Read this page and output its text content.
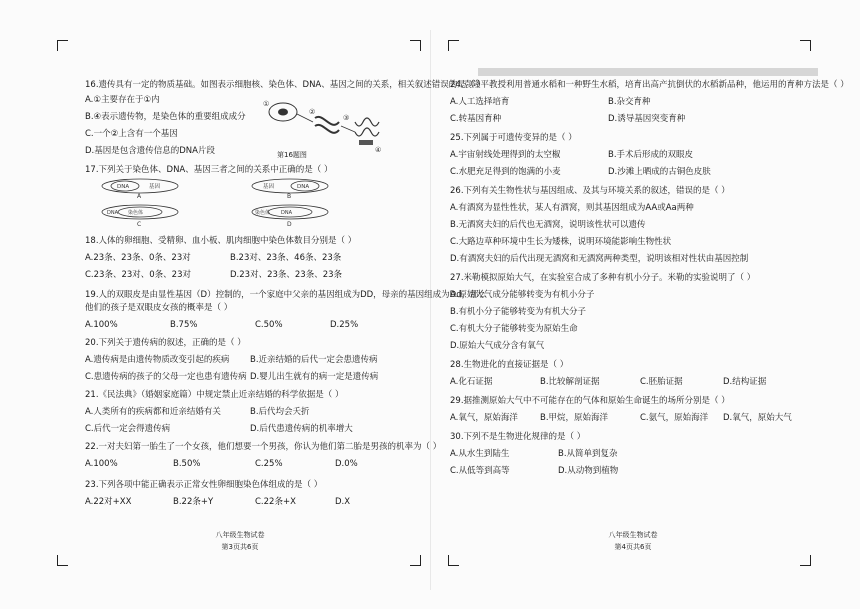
16.遗传具有一定的物质基础。如图表示细胞核、染色体、DNA、基因之间的关系，相关叙述错误的是（ ）
A.①主要存在于①内
B.④表示遗传物，是染色体的重要组成成分
C.一个②上含有一个基因
D.基因是包含遗传信息的DNA片段
①
②
③
④
第16题图
17.下列关于染色体、DNA、基因三者之间的关系中正确的是（ ）
DNA	基因
A
基因	DNA
B
DNA 染色体
C
染色体 DNA
D
18.人体的卵细胞、受精卵、血小板、肌肉细胞中染色体数目分别是（ ）
A.23条、23条、0条、23对	B.23对、23条、46条、23条
C.23条、23对、0条、23对	D.23对、23条、23条、23条
19.人的双眼皮是由显性基因（D）控制的，一个家庭中父亲的基因组成为DD，母亲的基因组成为Dd，那么
他们的孩子是双眼皮女孩的概率是（ ）
A.100%	B.75%	C.50%	D.25%
20.下列关于遗传病的叙述，正确的是（ ）
A.遗传病是由遗传物质改变引起的疾病 B.近亲结婚的后代一定会患遗传病
C.患遗传病的孩子的父母一定也患有遗传病 D.婴儿出生就有的病一定是遗传病
21.《民法典》（婚姻家庭篇）中规定禁止近亲结婚的科学依据是（ ）
A.人类所有的疾病都和近亲结婚有关	B.后代均会夭折
C.后代一定会得遗传病	D.后代患遗传病的机率增大
22.一对夫妇第一胎生了一个女孩，他们想要一个男孩，你认为他们第二胎是男孩的机率为（ ）
A.100%	B.50%	C.25%	D.0%
23.下列各项中能正确表示正常女性卵细胞染色体组成的是（ ）
A.22对+XX	B.22条+Y	C.22条+X	D.X
八年级生物试卷
第3页共6页
24.袁隆平教授利用普通水稻和一种野生水稻，培育出高产抗倒伏的水稻新品种，他运用的育种方法是（ ）
A.人工选择培育	B.杂交育种
C.转基因育种	D.诱导基因突变育种
25.下列属于可遗传变异的是（ ）
A.宇宙射线处理得到的太空椒	B.手术后形成的双眼皮
C.水肥充足得到的饱满的小麦	D.沙滩上晒成的古铜色皮肤
26.下列有关生物性状与基因组成、及其与环境关系的叙述，错误的是（ ）
A.有酒窝为显性性状，某人有酒窝，则其基因组成为AA或Aa两种
B.无酒窝夫妇的后代也无酒窝，说明该性状可以遗传
C.大路边草种环境中生长为矮株，说明环境能影响生物性状
D.有酒窝夫妇的后代出现无酒窝和无酒窝两种类型，说明该相对性状由基因控制
27.米勒模拟原始大气，在实验室合成了多种有机小分子。米勒的实验说明了（ ）
A.原始大气成分能够转变为有机小分子
B.有机小分子能够转变为有机大分子
C.有机大分子能够转变为原始生命
D.原始大气成分含有氧气
28.生物进化的直接证据是（ ）
A.化石证据	B.比较解剖证据	C.胚胎证据	D.结构证据
29.据推测原始大气中不可能存在的气体和原始生命诞生的场所分别是（ ）
A.氧气，原始海洋	B.甲烷，原始海洋	C.氨气，原始海洋 D.氧气，原始大气
30.下列不是生物进化规律的是（ ）
A.从水生到陆生	B.从简单到复杂
C.从低等到高等	D.从动物到植物
八年级生物试卷
第4页共6页
